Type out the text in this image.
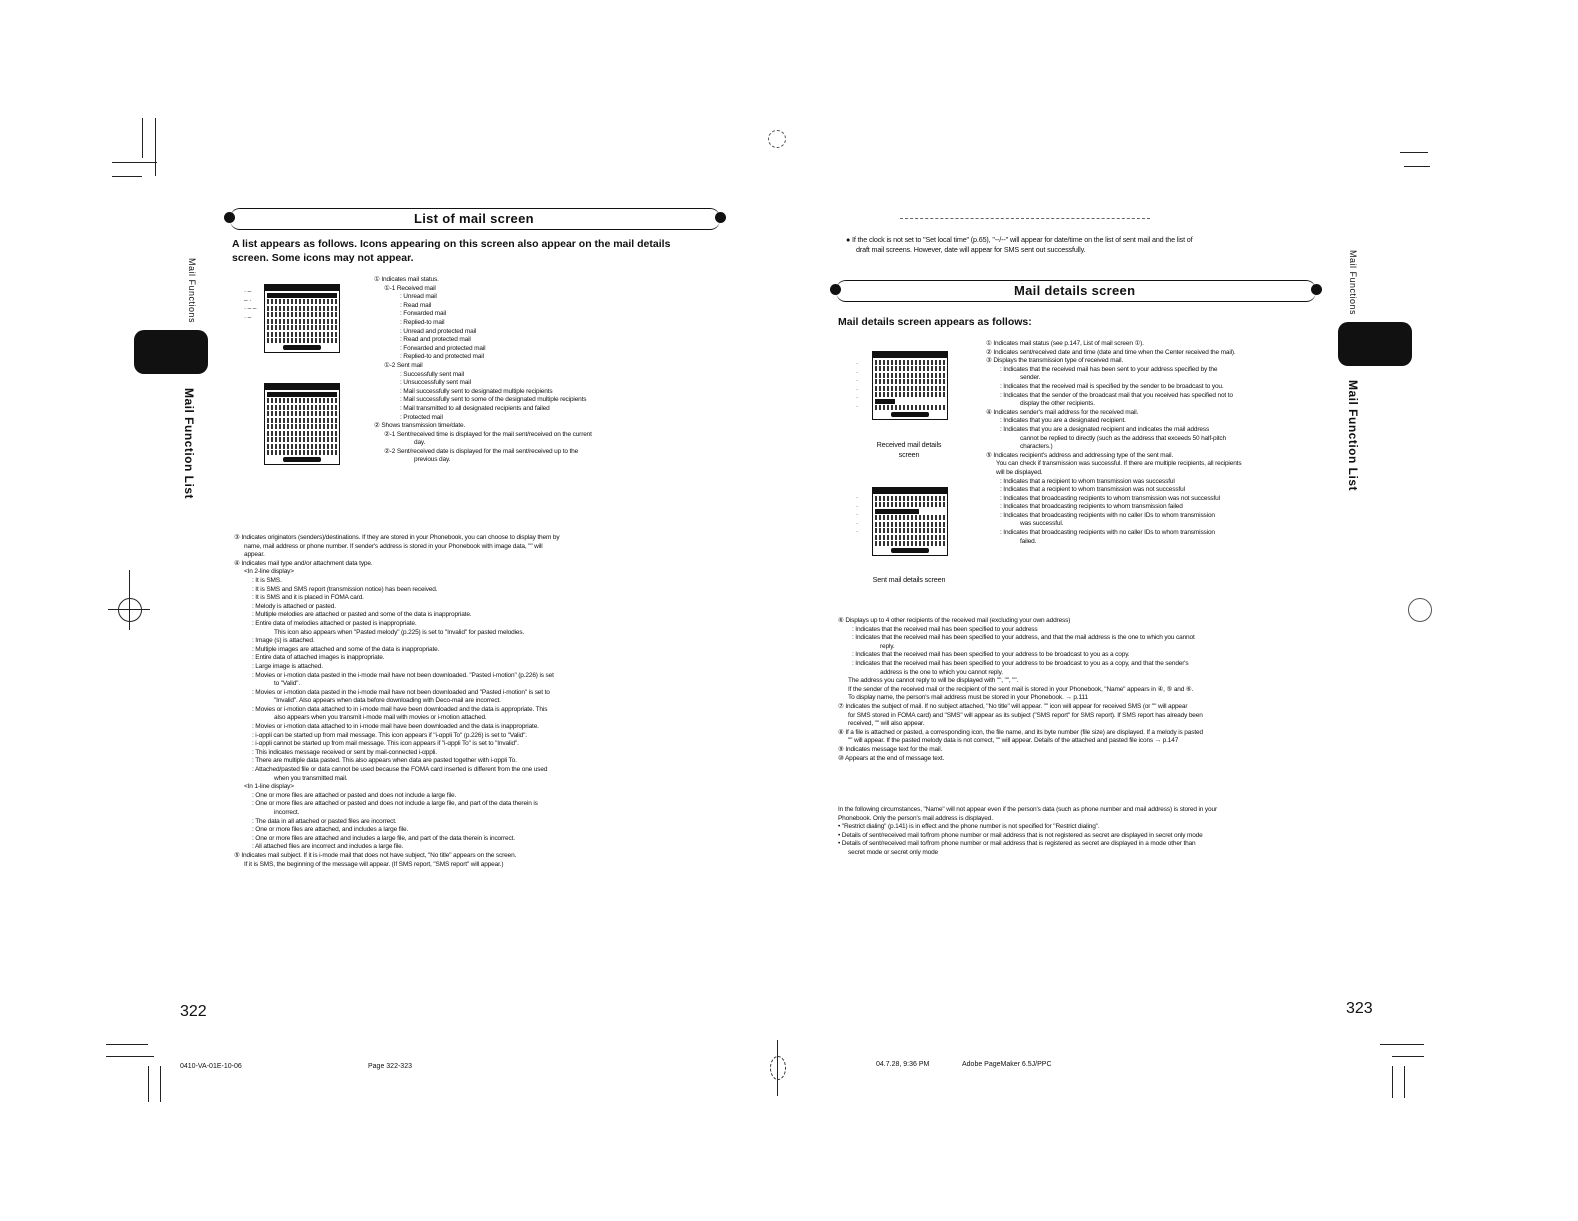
Mail Functions
Mail Function List
List of mail screen
A list appears as follows. Icons appearing on this screen also appear on the mail details screen. Some icons may not appear.
· –
– ·
· – –
· –
① Indicates mail status.
①-1 Received mail
: Unread mail
: Read mail
: Forwarded mail
: Replied-to mail
: Unread and protected mail
: Read and protected mail
: Forwarded and protected mail
: Replied-to and protected mail
①-2 Sent mail
: Successfully sent mail
: Unsuccessfully sent mail
: Mail successfully sent to designated multiple recipients
: Mail successfully sent to some of the designated multiple recipients
: Mail transmitted to all designated recipients and failed
: Protected mail
② Shows transmission time/date.
②-1 Sent/received time is displayed for the mail sent/received on the current
day.
②-2 Sent/received date is displayed for the mail sent/received up to the
previous day.
③ Indicates originators (senders)/destinations. If they are stored in your Phonebook, you can choose to display them by
name, mail address or phone number. If sender's address is stored in your Phonebook with image data, "" will
appear.
④ Indicates mail type and/or attachment data type.
<In 2-line display>
: It is SMS.
: It is SMS and SMS report (transmission notice) has been received.
: It is SMS and it is placed in FOMA card.
: Melody is attached or pasted.
: Multiple melodies are attached or pasted and some of the data is inappropriate.
: Entire data of melodies attached or pasted is inappropriate.
This icon also appears when "Pasted melody" (p.225) is set to "Invalid" for pasted melodies.
: Image (s) is attached.
: Multiple images are attached and some of the data is inappropriate.
: Entire data of attached images is inappropriate.
: Large image is attached.
: Movies or i-motion data pasted in the i-mode mail have not been downloaded. "Pasted i-motion" (p.226) is set
to "Valid".
: Movies or i-motion data pasted in the i-mode mail have not been downloaded and "Pasted i-motion" is set to
"Invalid". Also appears when data before downloading with Deco-mail are incorrect.
: Movies or i-motion data attached to in i-mode mail have been downloaded and the data is appropriate. This
also appears when you transmit i-mode mail with movies or i-motion attached.
: Movies or i-motion data attached to in i-mode mail have been downloaded and the data is inappropriate.
: i-αppli can be started up from mail message. This icon appears if "i-αppli To" (p.226) is set to "Valid".
: i-αppli cannot be started up from mail message. This icon appears if "i-αppli To" is set to "Invalid".
: This indicates message received or sent by mail-connected i-αppli.
: There are multiple data pasted. This also appears when data are pasted together with i-αppli To.
: Attached/pasted file or data cannot be used because the FOMA card inserted is different from the one used
when you transmitted mail.
<In 1-line display>
: One or more files are attached or pasted and does not include a large file.
: One or more files are attached or pasted and does not include a large file, and part of the data therein is
incorrect.
: The data in all attached or pasted files are incorrect.
: One or more files are attached, and includes a large file.
: One or more files are attached and includes a large file, and part of the data therein is incorrect.
: All attached files are incorrect and includes a large file.
⑤ Indicates mail subject. If it is i-mode mail that does not have subject, "No title" appears on the screen.
If it is SMS, the beginning of the message will appear. (If SMS report, "SMS report" will appear.)
322
0410-VA-01E-10-06	Page 322-323
Mail Functions
Mail Function List
● If the clock is not set to "Set local time" (p.65), "--/--" will appear for date/time on the list of sent mail and the list of
draft mail screens. However, date will appear for SMS sent out successfully.
Mail details screen
Mail details screen appears as follows:
Received mail details screen
Sent mail details screen
·
·
·
·
·
·
·
·
·
·
·
① Indicates mail status (see p.147, List of mail screen ①).
② Indicates sent/received date and time (date and time when the Center received the mail).
③ Displays the transmission type of received mail.
: Indicates that the received mail has been sent to your address specified by the
sender.
: Indicates that the received mail is specified by the sender to be broadcast to you.
: Indicates that the sender of the broadcast mail that you received has specified not to
display the other recipients.
④ Indicates sender's mail address for the received mail.
: Indicates that you are a designated recipient.
: Indicates that you are a designated recipient and indicates the mail address
cannot be replied to directly (such as the address that exceeds 50 half-pitch
characters.)
⑤ Indicates recipient's address and addressing type of the sent mail.
You can check if transmission was successful. If there are multiple recipients, all recipients
will be displayed.
: Indicates that a recipient to whom transmission was successful
: Indicates that a recipient to whom transmission was not successful
: Indicates that broadcasting recipients to whom transmission was not successful
: Indicates that broadcasting recipients to whom transmission failed
: Indicates that broadcasting recipients with no caller IDs to whom transmission
was successful.
: Indicates that broadcasting recipients with no caller IDs to whom transmission
failed.
⑥ Displays up to 4 other recipients of the received mail (excluding your own address)
: Indicates that the received mail has been specified to your address
: Indicates that the received mail has been specified to your address, and that the mail address is the one to which you cannot
reply.
: Indicates that the received mail has been specified to your address to be broadcast to you as a copy.
: Indicates that the received mail has been specified to your address to be broadcast to you as a copy, and that the sender's
address is the one to which you cannot reply.
The address you cannot reply to will be displayed with "", "", "".
If the sender of the received mail or the recipient of the sent mail is stored in your Phonebook, "Name" appears in ④, ⑤ and ⑥.
To display name, the person's mail address must be stored in your Phonebook. → p.111
⑦ Indicates the subject of mail. If no subject attached, "No title" will appear. "" icon will appear for received SMS (or "" will appear
for SMS stored in FOMA card) and "SMS" will appear as its subject ("SMS report" for SMS report). If SMS report has already been
received, "" will also appear.
⑧ If a file is attached or pasted, a corresponding icon, the file name, and its byte number (file size) are displayed. If a melody is pasted
"" will appear. If the pasted melody data is not correct, "" will appear. Details of the attached and pasted file icons → p.147
⑨ Indicates message text for the mail.
⑩ Appears at the end of message text.
In the following circumstances, "Name" will not appear even if the person's data (such as phone number and mail address) is stored in your
Phonebook. Only the person's mail address is displayed.
• "Restrict dialing" (p.141) is in effect and the phone number is not specified for "Restrict dialing".
• Details of sent/received mail to/from phone number or mail address that is not registered as secret are displayed in secret only mode
• Details of sent/received mail to/from phone number or mail address that is registered as secret are displayed in a mode other than
secret mode or secret only mode
323
04.7.28, 9:36 PM	Adobe PageMaker 6.5J/PPC
